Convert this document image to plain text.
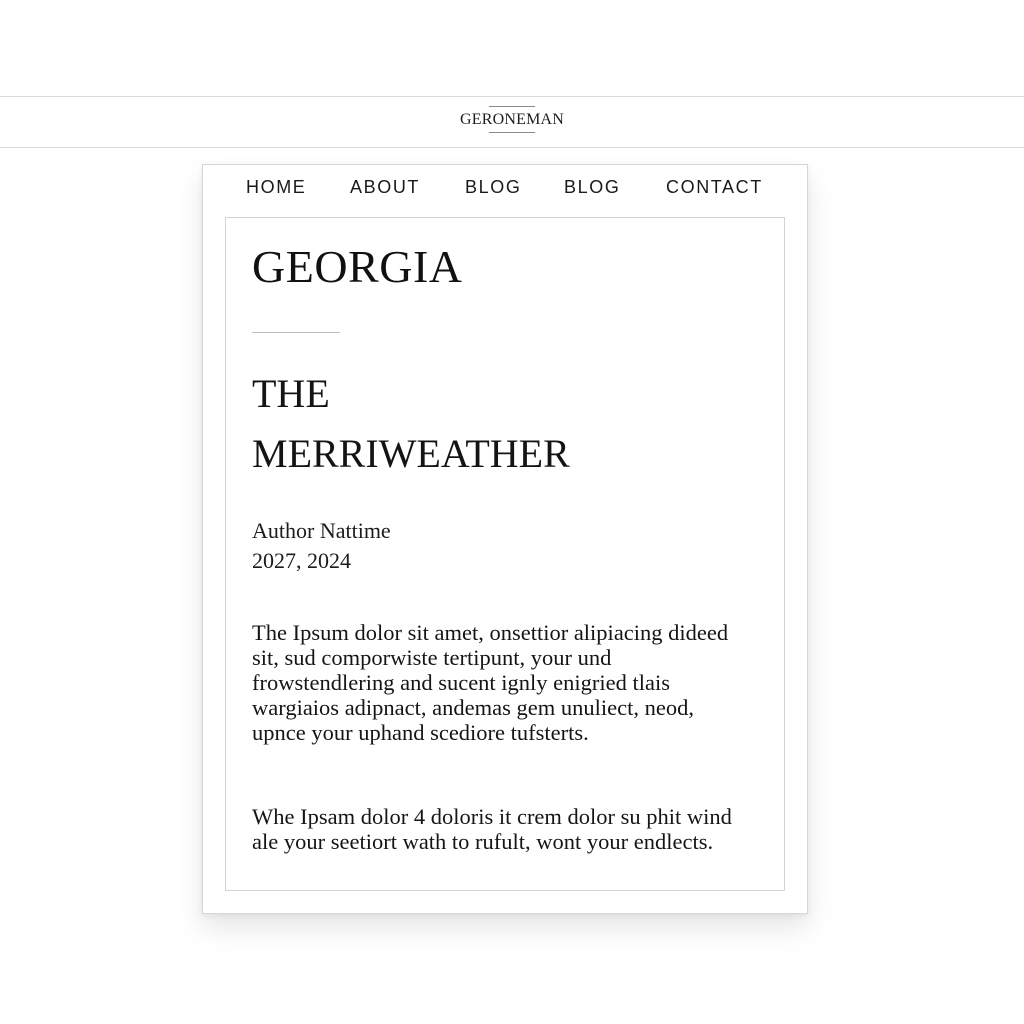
GERONEMAN
HOME ABOUT BLOG BLOG	CONTACT
GEORGIA
THE
MERRIWEATHER
Author Nattime
2027, 2024

The Ipsum dolor sit amet, onsettior alipiacing dideed sit, sud comporwiste tertipunt, your und frowstendlering and sucent ignly enigried tlais wargiaios adipnact, andemas gem unuliect, neod, upnce your uphand scediore tufsterts.

Whe Ipsam dolor 4 doloris it crem dolor su phit wind ale your seetiort wath to rufult, wont your endlects.
